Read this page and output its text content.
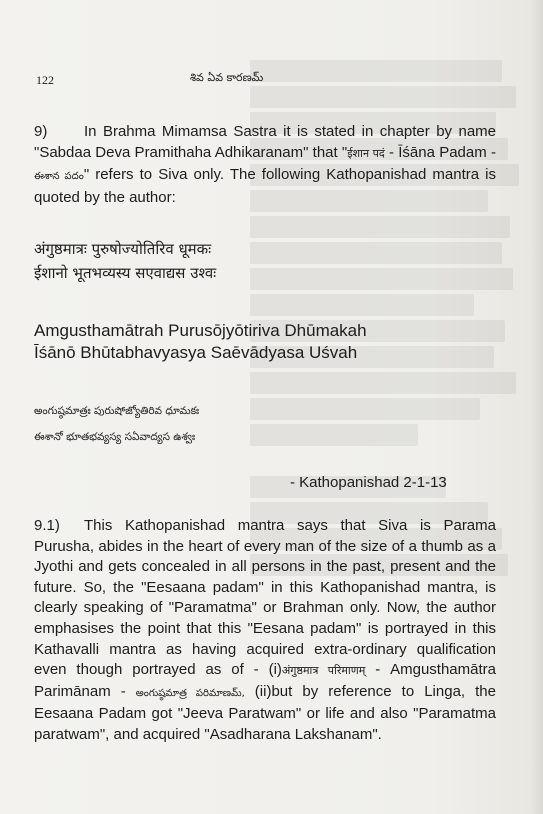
122	శివ ఏవ కారణమ్
9) In Brahma Mimamsa Sastra it is stated in chapter by name "Sabdaa Deva Pramithaha Adhikaranam" that "ईशान पदं - Īśāna Padam - ఈశాన పదం" refers to Siva only. The following Kathopanishad mantra is quoted by the author:
अंगुष्ठमात्रः पुरुषोज्योतिरिव धूमकः
ईशानो भूतभव्यस्य सएवाद्यस उश्वः
Amgusthamātrah Purusōjyōtiriva Dhūmakah
Īśānō Bhūtabhavyasya Saēvādyasa Uśvah
అంగుష్ఠమాత్రః పురుషోజ్యోతిరివ ధూమకః
ఈశానో భూతభవ్యస్య సఏవాద్యస ఉశ్వః
- Kathopanishad 2-1-13
9.1) This Kathopanishad mantra says that Siva is Parama Purusha, abides in the heart of every man of the size of a thumb as a Jyothi and gets concealed in all persons in the past, present and the future. So, the "Eesaana padam" in this Kathopanishad mantra, is clearly speaking of "Paramatma" or Brahman only. Now, the author emphasises the point that this "Eesana padam" is portrayed in this Kathavalli mantra as having acquired extra-ordinary qualification even though portrayed as of - (i)अंगुष्ठमात्र परिमाणम् - Amgusthamātra Parimānam - అంగుష్ఠమాత్ర పరిమాణమ్, (ii)but by reference to Linga, the Eesaana Padam got "Jeeva Paratwam" or life and also "Paramatma paratwam", and acquired "Asadharana Lakshanam".
